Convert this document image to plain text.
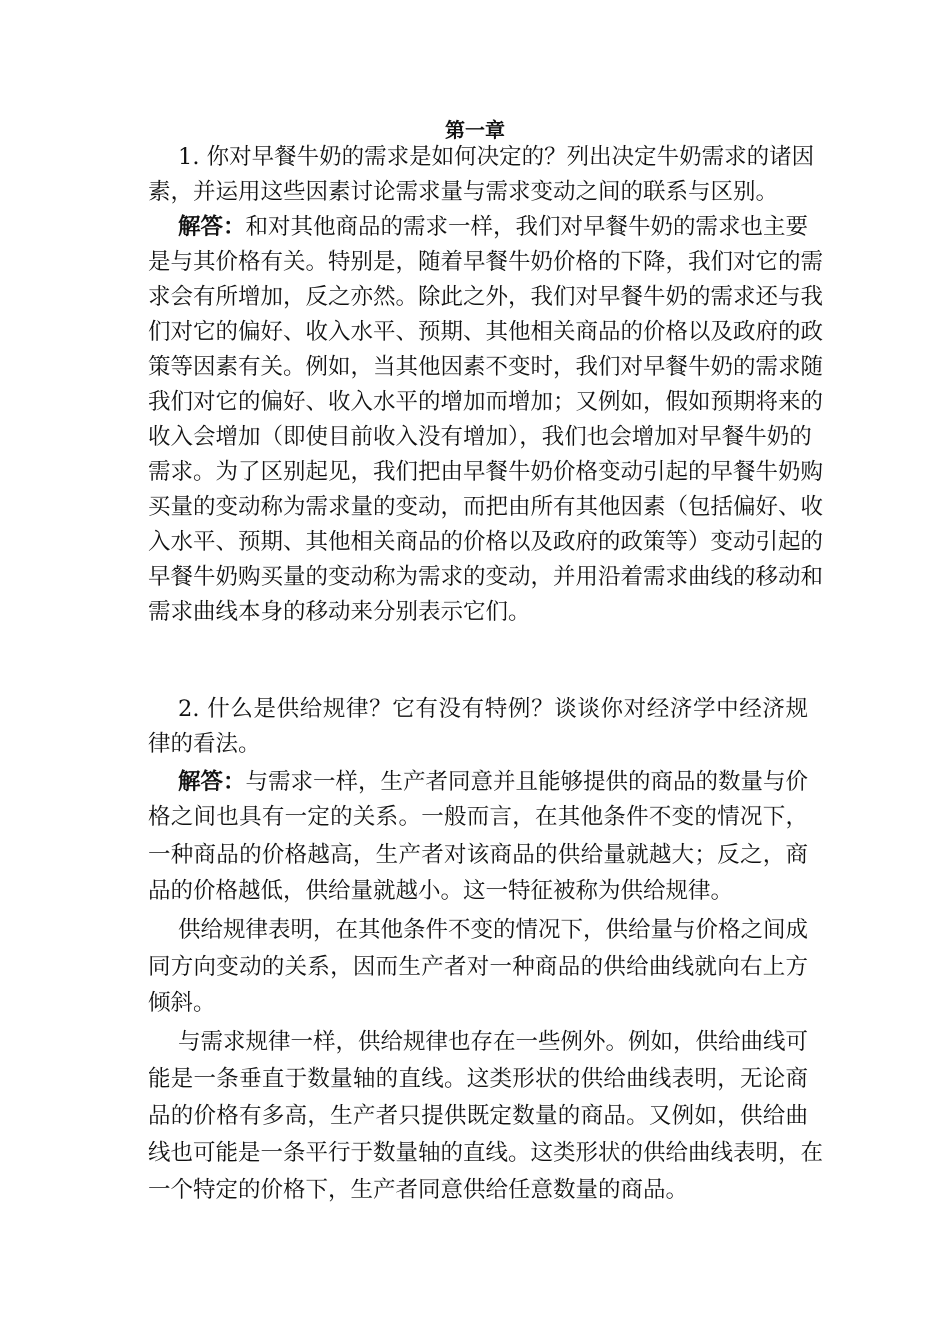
第一章
1. 你对早餐牛奶的需求是如何决定的？列出决定牛奶需求的诸因
素，并运用这些因素讨论需求量与需求变动之间的联系与区别。
解答：和对其他商品的需求一样，我们对早餐牛奶的需求也主要
是与其价格有关。特别是，随着早餐牛奶价格的下降，我们对它的需
求会有所增加，反之亦然。除此之外，我们对早餐牛奶的需求还与我
们对它的偏好、收入水平、预期、其他相关商品的价格以及政府的政
策等因素有关。例如，当其他因素不变时，我们对早餐牛奶的需求随
我们对它的偏好、收入水平的增加而增加；又例如，假如预期将来的
收入会增加（即使目前收入没有增加），我们也会增加对早餐牛奶的
需求。为了区别起见，我们把由早餐牛奶价格变动引起的早餐牛奶购
买量的变动称为需求量的变动，而把由所有其他因素（包括偏好、收
入水平、预期、其他相关商品的价格以及政府的政策等）变动引起的
早餐牛奶购买量的变动称为需求的变动，并用沿着需求曲线的移动和
需求曲线本身的移动来分别表示它们。
2. 什么是供给规律？它有没有特例？谈谈你对经济学中经济规
律的看法。
解答：与需求一样，生产者同意并且能够提供的商品的数量与价
格之间也具有一定的关系。一般而言，在其他条件不变的情况下，
一种商品的价格越高，生产者对该商品的供给量就越大；反之，商
品的价格越低，供给量就越小。这一特征被称为供给规律。
供给规律表明，在其他条件不变的情况下，供给量与价格之间成
同方向变动的关系，因而生产者对一种商品的供给曲线就向右上方
倾斜。
与需求规律一样，供给规律也存在一些例外。例如，供给曲线可
能是一条垂直于数量轴的直线。这类形状的供给曲线表明，无论商
品的价格有多高，生产者只提供既定数量的商品。又例如，供给曲
线也可能是一条平行于数量轴的直线。这类形状的供给曲线表明，在
一个特定的价格下，生产者同意供给任意数量的商品。
